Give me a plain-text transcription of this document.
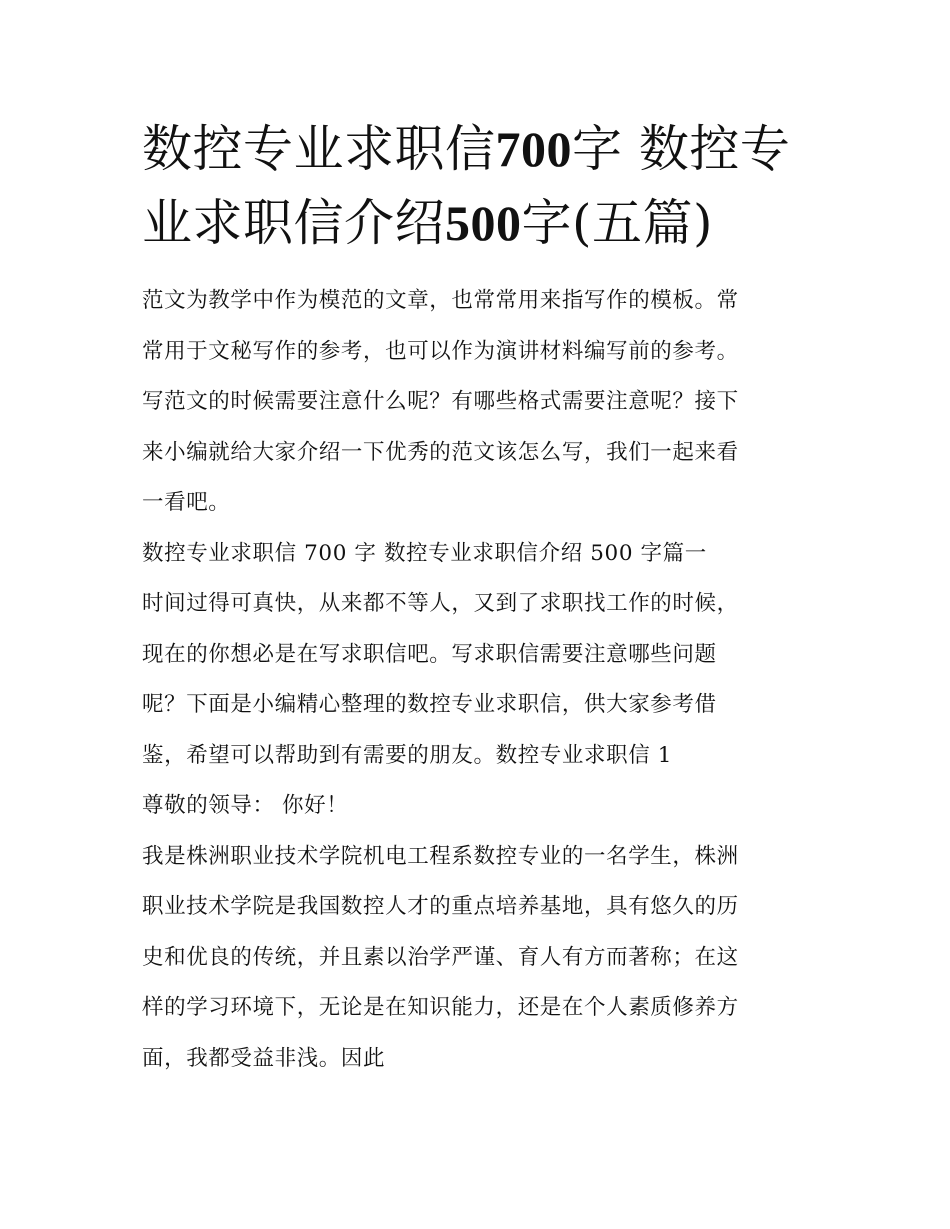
数控专业求职信700字 数控专
业求职信介绍500字(五篇)
范文为教学中作为模范的文章，也常常用来指写作的模板。常
常用于文秘写作的参考，也可以作为演讲材料编写前的参考。
写范文的时候需要注意什么呢？有哪些格式需要注意呢？接下
来小编就给大家介绍一下优秀的范文该怎么写，我们一起来看
一看吧。
数控专业求职信 700 字 数控专业求职信介绍 500 字篇一
时间过得可真快，从来都不等人，又到了求职找工作的时候，
现在的你想必是在写求职信吧。写求职信需要注意哪些问题
呢？下面是小编精心整理的数控专业求职信，供大家参考借
鉴，希望可以帮助到有需要的朋友。数控专业求职信 1
尊敬的领导： 你好！
我是株洲职业技术学院机电工程系数控专业的一名学生，株洲
职业技术学院是我国数控人才的重点培养基地，具有悠久的历
史和优良的传统，并且素以治学严谨、育人有方而著称；在这
样的学习环境下，无论是在知识能力，还是在个人素质修养方
面，我都受益非浅。因此
